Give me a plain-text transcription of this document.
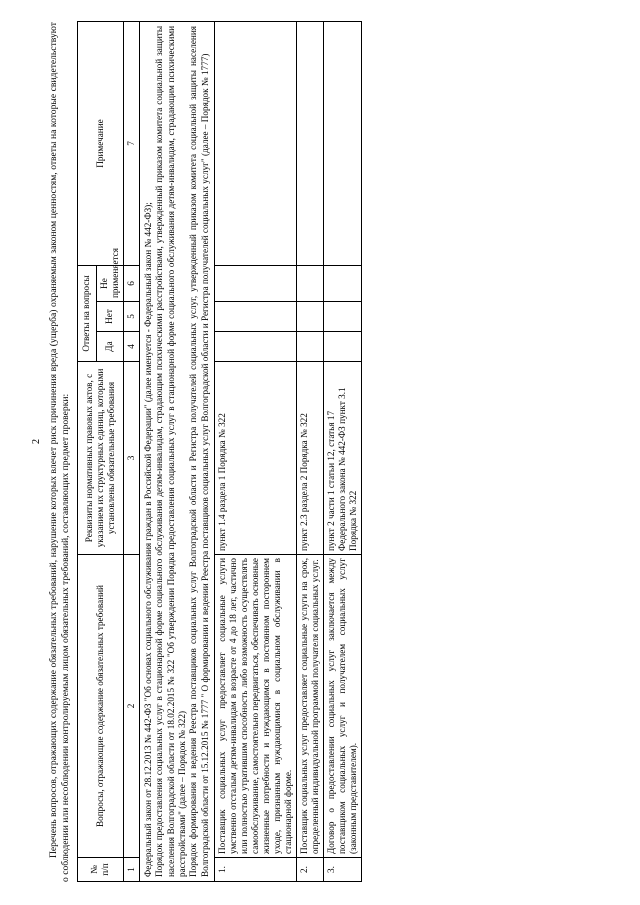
2 Перечень вопросов, отражающих содержание обязательных требований, нарушение которых влечет риск причинения вреда (ущерба) охраняемым законом ценностям, ответы на которые свидетельствуют о соблюдении или несоблюдении контролируемым лицом обязательных требований, составляющих предмет проверки: № п/п	Вопросы, отражающие содержание обязательных требований	Реквизиты нормативных правовых актов, с указанием их структурных единиц, которыми установлены обязательные требования	Ответы на вопросы			Примечание
			Да	Нет	Не применяется	
1	2	3	4	5	6	7

Федеральный закон от 28.12.2013 № 442-ФЗ "Об основах социального обслуживания граждан в Российской Федерации" (далее именуется - Федеральный закон № 442-ФЗ); Порядок предоставления социальных услуг в стационарной форме социального обслуживания детям-инвалидам, страдающим психическими расстройствами, утвержденный приказом комитета социальной защиты населения Волгоградской области от 18.02.2015 № 322 "Об утверждении Порядка предоставления социальных услуг в стационарной форме социального обслуживания детям-инвалидам, страдающим психическими расстройствами" (далее – Порядок № 322) Порядок формирования и ведения Реестра поставщиков социальных услуг Волгоградской области и Регистра получателей социальных услуг, утвержденный приказом комитета социальной защиты населения Волгоградской области от 15.12.2015 № 1777 " О формировании и ведении Реестра поставщиков социальных услуг Волгоградской области и Регистра получателей социальных услуг" (далее – Порядок № 1777)						

1.	Поставщик социальных услуг предоставляет социальные услуги умственно отсталым детям-инвалидам в возрасте от 4 до 18 лет, частично или полностью утратившим способность либо возможность осуществлять самообслуживание, самостоятельно передвигаться, обеспечивать основные жизненные потребности и нуждающимся в постоянном постороннем уходе, признанным нуждающимися в социальном обслуживании в стационарной форме.	пункт 1.4 раздела 1 Порядка № 322				
2.	Поставщик социальных услуг предоставляет социальные услуги на срок, определенный индивидуальной программой получателя социальных услуг.	пункт 2.3 раздела 2 Порядка № 322				
3.	Договор о предоставлении социальных услуг заключается между поставщиком социальных услуг и получателем социальных услуг (законным представителем).	пункт 2 части 1 статьи 12, статья 17 Федерального закона № 442-ФЗ пункт 3.1 Порядка № 322				
